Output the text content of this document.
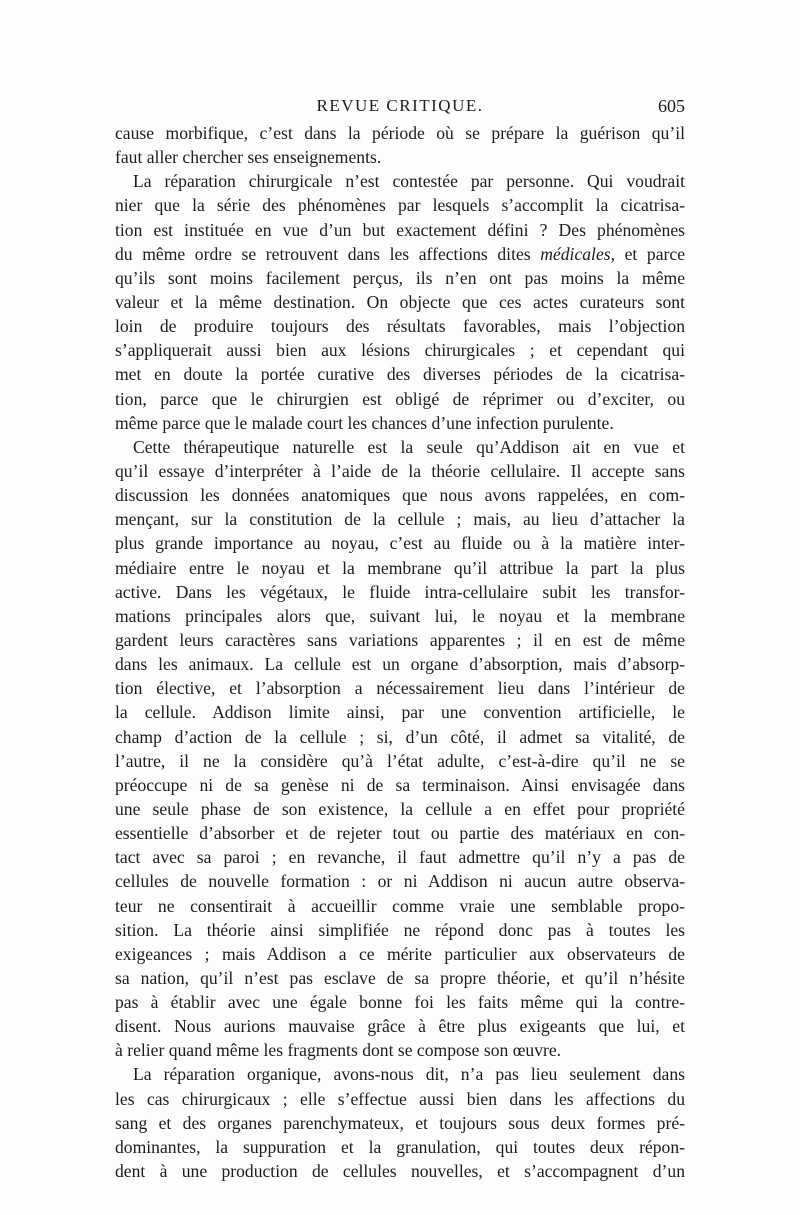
REVUE CRITIQUE.	605
cause morbifique, c’est dans la période où se prépare la guérison qu’il
faut aller chercher ses enseignements.
La réparation chirurgicale n’est contestée par personne. Qui voudrait
nier que la série des phénomènes par lesquels s’accomplit la cicatrisa-
tion est instituée en vue d’un but exactement défini ? Des phénomènes
du même ordre se retrouvent dans les affections dites médicales, et parce
qu’ils sont moins facilement perçus, ils n’en ont pas moins la même
valeur et la même destination. On objecte que ces actes curateurs sont
loin de produire toujours des résultats favorables, mais l’objection
s’appliquerait aussi bien aux lésions chirurgicales ; et cependant qui
met en doute la portée curative des diverses périodes de la cicatrisa-
tion, parce que le chirurgien est obligé de réprimer ou d’exciter, ou
même parce que le malade court les chances d’une infection purulente.
Cette thérapeutique naturelle est la seule qu’Addison ait en vue et
qu’il essaye d’interpréter à l’aide de la théorie cellulaire. Il accepte sans
discussion les données anatomiques que nous avons rappelées, en com-
mençant, sur la constitution de la cellule ; mais, au lieu d’attacher la
plus grande importance au noyau, c’est au fluide ou à la matière inter-
médiaire entre le noyau et la membrane qu’il attribue la part la plus
active. Dans les végétaux, le fluide intra-cellulaire subit les transfor-
mations principales alors que, suivant lui, le noyau et la membrane
gardent leurs caractères sans variations apparentes ; il en est de même
dans les animaux. La cellule est un organe d’absorption, mais d’absorp-
tion élective, et l’absorption a nécessairement lieu dans l’intérieur de
la cellule. Addison limite ainsi, par une convention artificielle, le
champ d’action de la cellule ; si, d’un côté, il admet sa vitalité, de
l’autre, il ne la considère qu’à l’état adulte, c’est-à-dire qu’il ne se
préoccupe ni de sa genèse ni de sa terminaison. Ainsi envisagée dans
une seule phase de son existence, la cellule a en effet pour propriété
essentielle d’absorber et de rejeter tout ou partie des matériaux en con-
tact avec sa paroi ; en revanche, il faut admettre qu’il n’y a pas de
cellules de nouvelle formation : or ni Addison ni aucun autre observa-
teur ne consentirait à accueillir comme vraie une semblable propo-
sition. La théorie ainsi simplifiée ne répond donc pas à toutes les
exigeances ; mais Addison a ce mérite particulier aux observateurs de
sa nation, qu’il n’est pas esclave de sa propre théorie, et qu’il n’hésite
pas à établir avec une égale bonne foi les faits même qui la contre-
disent. Nous aurions mauvaise grâce à être plus exigeants que lui, et
à relier quand même les fragments dont se compose son œuvre.
La réparation organique, avons-nous dit, n’a pas lieu seulement dans
les cas chirurgicaux ; elle s’effectue aussi bien dans les affections du
sang et des organes parenchymateux, et toujours sous deux formes pré-
dominantes, la suppuration et la granulation, qui toutes deux répon-
dent à une production de cellules nouvelles, et s’accompagnent d’un
